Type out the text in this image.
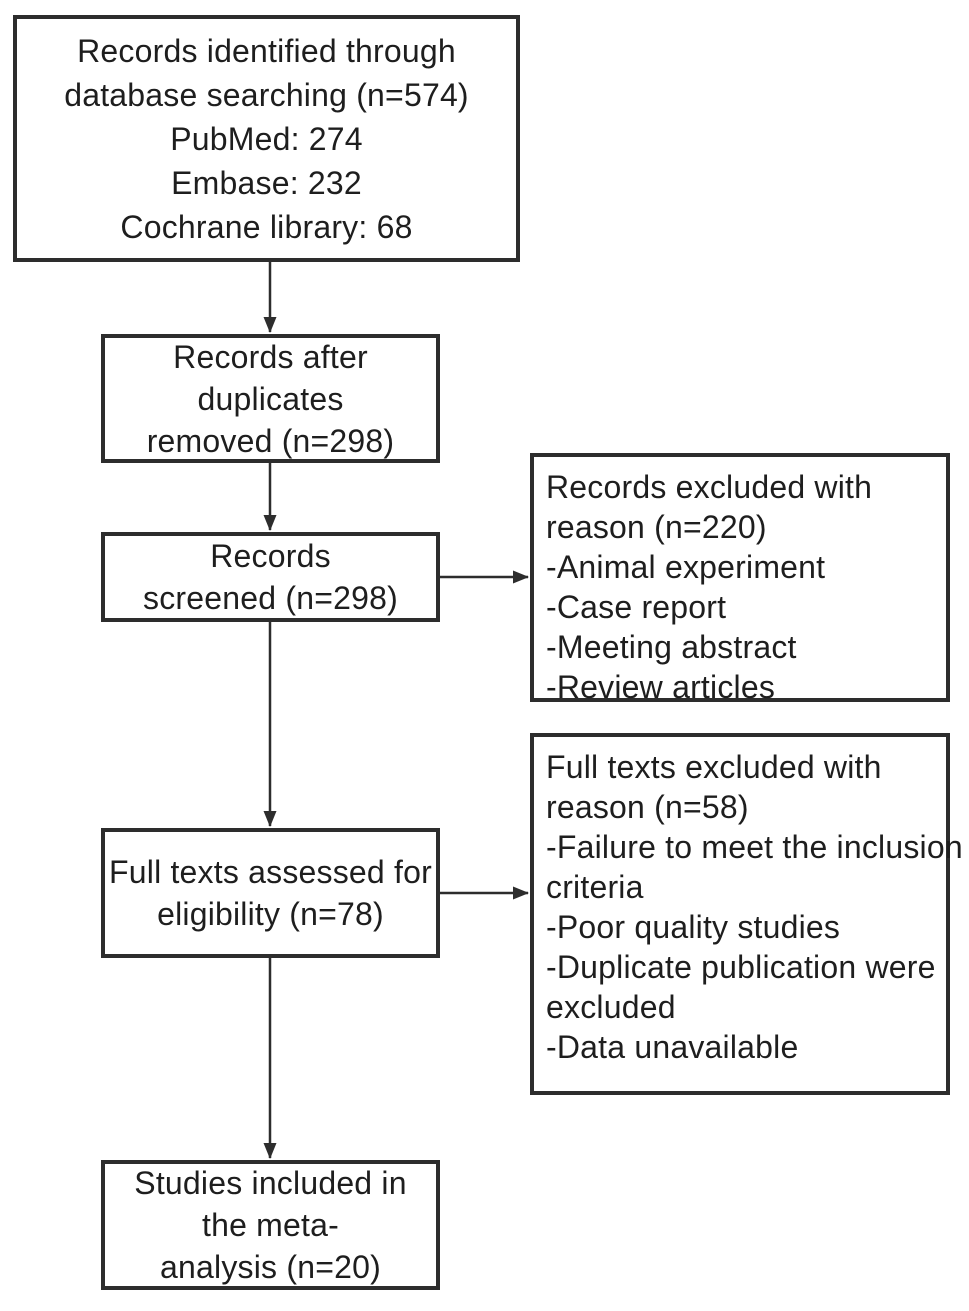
Records identified through
database searching (n=574)
PubMed: 274
Embase: 232
Cochrane library: 68
Records after
duplicates
removed (n=298)
Records
screened (n=298)
Records excluded with
reason (n=220)
-Animal experiment
-Case report
-Meeting abstract
-Review articles
Full texts assessed for
eligibility (n=78)
Full texts excluded with
reason (n=58)
-Failure to meet the inclusion
criteria
-Poor quality studies
-Duplicate publication were
excluded
-Data unavailable
Studies included in
the meta-
analysis (n=20)
